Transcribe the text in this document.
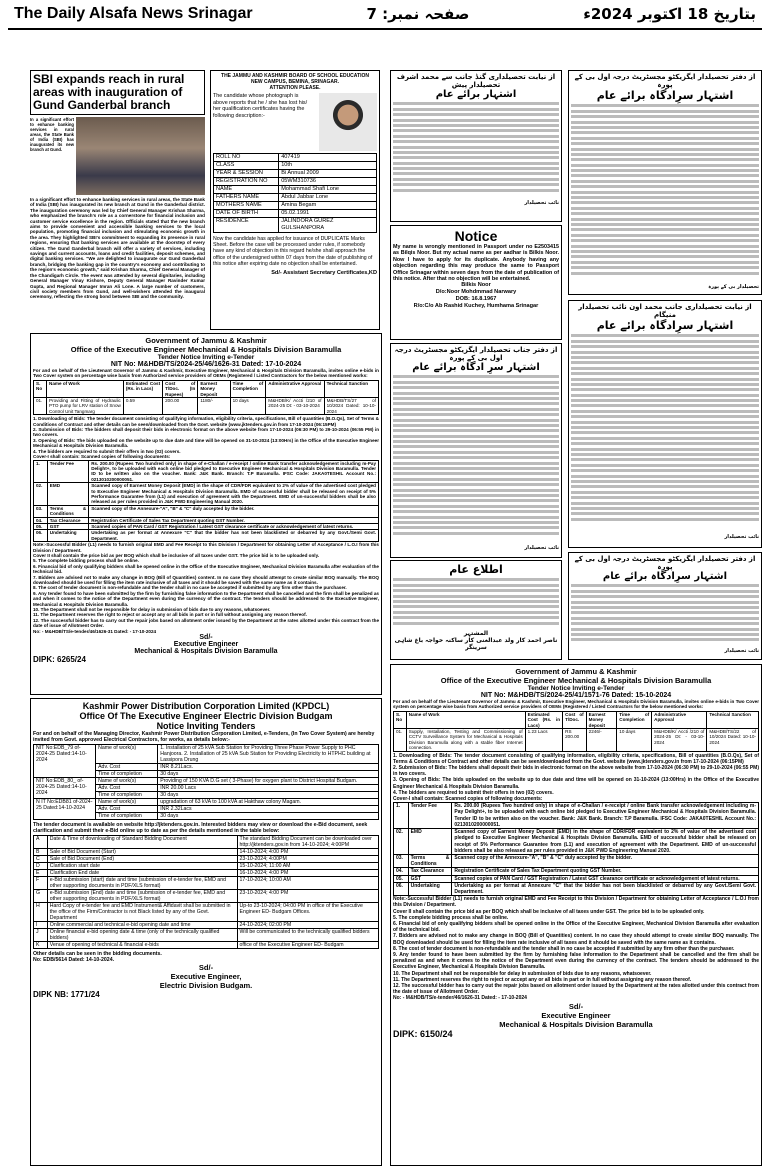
The Daily Alsafa News Srinagar	صفحہ نمبر: 7	بتاریخ 18 اکتوبر 2024ء
SBI expands reach in rural areas with inauguration of Gund Ganderbal branch
In a significant effort to enhance banking services in rural areas, the State Bank of India (SBI) has inaugurated its new branch at Gund.
In a significant effort to enhance banking services in rural areas, the State Bank of India (SBI) has inaugurated its new branch at Gund in the Ganderbal district. The inauguration ceremony was led by Chief General Manager Krishan Sharma, who emphasized the branch's role as a cornerstone for financial inclusion and customer service excellence in the region. Officials stated that the new branch aims to provide convenient and accessible banking services to the local population, promoting financial inclusion and stimulating economic growth in the area. They highlighted SBI's commitment to expanding its presence in rural regions, ensuring that banking services are available at the doorstep of every citizen. The Gund Ganderbal branch will offer a variety of services, including savings and current accounts, loans and credit facilities, deposit schemes, and digital banking services. "We are delighted to inaugurate our Gund Ganderbal branch, bridging the banking gap in the country's economy and contributing to the region's economic growth," said Krishan Sharma, Chief General Manager of the Chandigarh Circle. The event was attended by several dignitaries, including General Manager Vinay Kishore, Deputy General Manager Ravinder Kumar Gupta, and Regional Manager Imran Ali Lone. A large number of customers, civil society members from Gund, and well-wishers attended the inaugural ceremony, reflecting the strong bond between SBI and the community.
THE JAMMU AND KASHMIR BOARD OF SCHOOL EDUCATION
NEW CAMPUS, BEMINA, SRINAGAR.
ATTENTION PLEASE.
The candidate whose photograph is above reports that he / she has lost his/ her qualification certificates having the following description:-
ROLL NO	407419
CLASS	10th
YEAR & SESSION	Bi Annual 2009
REGISTRATION NO	05WM310736
NAME	Mohammad Shafi Lone
FATHERS NAME	Abdul Jabbar Lone
MOTHERS NAME	Amina Begam
DATE OF BIRTH	05.02.1991
RESIDENCE	JALINDORA GUREZ GULSHANPORA
Now the candidate has applied for issuance of DUPLICATE Marks Sheet. Before the case will be processed under rules, if somebody have any kind of objection in this regard he/she shall approach the office of the undersigned within 07 days from the date of publishing of this notice after expiring date no objection shall be entertained.
Sd/- Assistant Secretary Certificates,KD
Notice
My name is wrongly mentioned in Passport under no E2503415 as Bilqis Noor. But my actual name as per aadhar is Bilkis Noor. Now I have to apply for its duplicate. Anybody having any objection regarding this may produce the same to Passport Office Srinagar within seven days from the date of publication of this notice. After that no objection will be entertained.
Bilkis Noor
D/o:Noor Mohdmmad Narwary
DOB: 16.8.1967
R/o:C/o Ab Rashid Kuchey, Humhama Srinagar
از نیابت تحصیلداری گنڈ جانب سے محمد اشرف تحصیلدار پیش
اشتہار برائے عام
نائب تحصیلدار
از دفتر جناب تحصیلدار ایگزیکٹو مجسٹریٹ درجہ اول بی کے پورہ
اشتہار سرِ ادگاہ برائے عام
نائب تحصیلدار
اطلاع عام
المشتہر
ناصر احمد کار ولد عبدالغنی کار ساکنہ خواجہ باغ شاہی سرینگر
از دفتر تحصیلدار ایگزیکٹو مجسٹریٹ درجہ اول بی کے پورہ
اشتہار سرِادگاہ برائے عام
تحصیلدار بی کے پورہ
از نیابت تحصیلداری جانب محمد اون نائب تحصیلدار منیگام
اشتہار سرِادگاہ برائے عام
نائب تحصیلدار
از دفتر تحصیلدار ایگزیکٹو مجسٹریٹ درجہ اول بی کے پورہ
اشتہار سرِادگاہ برائے عام
نائب تحصیلدار
Government of Jammu & Kashmir
Office of the Executive Engineer Mechanical & Hospitals Division Baramulla
Tender Notice Inviting e-Tender
NIT No: M&HDB/TS/2024-25/46/1626-31 Dated: 17-10-2024
For and on behalf of the Lieutenant Governor of Jammu & Kashmir, Executive Engineer, Mechanical & Hospitals Division Baramulla, invites online e-bids in Two Cover system on percentage wise basis from Authorized service providers of OEMs (Registered / Listed Contractors for the below mentioned works:
S. No	Name of Work	Estimated Cost (Rs. in Lacs)	Cost of T/Doc. (In Rupees)	Earnest Money Deposit	Time of Completion	Administrative Approval	Technical Sanction
01.	Providing and Fitting of Hydraulic PTO pump for LRV station of Snow Control Unit Tangmarg	0.59	200.00	1180/-	10 days	M&HDB/K/ Accti /210 of 2024-25 Dt: - 03-10-2024	M&HDB/TS/27 of 10/2024 Dated: 10-10-2024
1. Downloading of Bids: The tender document consisting of qualifying information, eligibility criteria, specifications, Bill of quantities (B.O.Qs), Set of Terms & Conditions of Contract and other details can be seen/downloaded from the Govt. website (www.jktenders.gov.in from 17-10-2024 (06:15PM)
2. Submission of Bids: The bidders shall deposit their bids in electronic format on the above website from 17-10-2024 (06:30 PM) to 29-10-2024 (06:55 PM) in two covers.
3. Opening of Bids: The bids uploaded on the website up to due date and time will be opened on 31-10-2024 (13:00Hrs) in the Office of the Executive Engineer Mechanical & Hospitals Division Baramulla.
4. The bidders are required to submit their offers in two (02) covers.
Cover-I shall contain: Scanned copies of following documents:
1.	Tender Fee	Rs. 200.00 (Rupees Two hundred only) in shape of e-Challan / e-receipt / online Bank transfer acknowledgement including m-Pay Delight+, to be uploaded with each online bid pledged to Executive Engineer Mechanical & Hospitals Division Baramulla. Tender ID to be written also on the voucher. Bank: J&K Bank. Branch: T.P Baramulla. IFSC Code: JAKA0TESHIL Account No.: 0213010200000051.
02.	EMD	Scanned copy of Earnest Money Deposit (EMD) in the shape of CDR/FDR equivalent to 2% of value of the advertised cost pledged to Executive Engineer Mechanical & Hospitals Division Baramulla. EMD of successful bidder shall be released on receipt of 5% Performance Guarantee from (L1) and execution of agreement with the Department. EMD of un-successful bidders shall be also released as per rules provided in J&K PWD Engineering Manual 2020.
03.	Terms & Conditions	Scanned copy of the Annexure-"A", "B" & "C" duly accepted by the bidder.
04.	Tax Clearance	Registration Certificate of Sales Tax Department quoting GST Number.
05.	GST	Scanned copies of PAN Card / GST Registration / Latest GST clearance certificate or acknowledgement of latest returns.
06.	Undertaking	Undertaking as per format at Annexure "C" that the bidder has not been blacklisted or debarred by any Govt./Semi Govt. Department.
Note:-Successful Bidder (L1) needs to furnish original EMD and Fee Receipt to this Division / Department for obtaining Letter of Acceptance / L.O.I from this Division / Department.
Cover II shall contain the price bid as per BOQ which shall be inclusive of all taxes under GST. The price bid is to be uploaded only.
5. The complete bidding process shall be online.
6. Financial bid of only qualifying bidders shall be opened online in the Office of the Executive Engineer, Mechanical Division Baramulla after evaluation of the technical bid.
7. Bidders are advised not to make any change in BOQ (Bill of Quantities) content. In no case they should attempt to create similar BOQ manually. The BOQ downloaded should be used for filling the item rate inclusive of all taxes and it should be saved with the same name as it contains.
8. The cost of tender document is non-refundable and the tender shall in no case be accepted if submitted by any firm other than the purchaser.
9. Any tender found to have been submitted by the firm by furnishing false information to the Department shall be cancelled and the firm shall be penalized as and when it comes to the notice of the Department even during the currency of the contract. The tenders should be addressed to the Executive Engineer, Mechanical & Hospitals Division Baramulla.
10. The Department shall not be responsible for delay in submission of bids due to any reasons, whatsoever.
11. The Department reserves the right to reject or accept any or all bids in part or in full without assigning any reason thereof.
12. The successful bidder has to carry out the repair jobs based on allotment order issued by the Department at the rates allotted under this contract from the date of issue of Allotment Order.
No: - M&HDB/TS/e-tender/46/1626-31 Dated: - 17-10-2024
Sd/-
Executive Engineer
Mechanical & Hospitals Division Baramulla
DIPK: 6265/24
Kashmir Power Distribution Corporation Limited (KPDCL)
Office Of The Executive Engineer Electric Division Budgam
Notice Inviting Tenders
For and on behalf of the Managing Director, Kashmir Power Distribution Corporation Limited, e-Tenders, (In Two Cover System) are hereby invited from Govt. approved Electrical Contractors, for works, as details below:-
NIT No:EDB_79 of-2024-25 Dated:14-10-2024	Name of work(s)	1. Installation of 25 kVA Sub Station for Providing Three Phase Power Supply to PHC Hanjoora. 2. Installation of 25 kVA Sub Station for Providing Electricity to HTPHC building at Lassipora Drung
	Adv. Cost	INR 8.21Lacs.
	Time of completion	30 days
NIT No:EDB_80_ of-2024-25 Dated:14-10-2024	Name of work(s)	Providing of 150 KVA D.G set ( 3-Phase) for oxygen plant to District Hospital Budgam.
	Adv. Cost	INR 20.00 Lacs
	Time of completion	30 days
N IT No:EDB81 of-2024-25 Dated:14-10-2024	Name of work(s)	upgradation of 63 kVA to 100 kVA at Hakthaw colony Magam.
	Adv. Cost	INR 2.32Lacs
	Time of completion	30 days
The tender document is available on website http://jktenders.gov.in. Interested bidders may view or download the e-Bid document, seek clarification and submit their e-Bid online up to date as per the details mentioned in the table below:
A	Date & Time of downloading of Standard Bidding Document	The standard Bidding Document can be downloaded over http://jktenders.gov.in from 14-10-2024; 4:00PM
B	Sale of Bid Document (Start)	14-10-2024; 4:00 PM
C	Sale of Bid Document (End)	23-10-2024; 4:00PM
D	Clarification start date	15-10-2024; 11:00 AM
E	Clarification End date	16-10-2024; 4:00 PM
F	e-Bid submission (start) date and time (submission of e-tender fee, EMD and other supporting documents in PDF/XLS format)	17-10-2024; 10:00 AM
G	e-Bid submission (End) date and time (submission of e-tender fee, EMD and other supporting documents in PDF/XLS format)	23-10-2024; 4:00 PM
H	Hard Copy of e-tender fee and EMD Instrument& Affidavit shall be submitted in the office of the Firm/Contractor is not Black listed by any of the Govt. Department	Up-to 23-10-2024; 04:00 PM in office of the Executive Engineer ED- Budgam Offices.
I	Online commercial and technical e-bid opening date and time	24-10-2024; 02:00 PM
J	Online financial e-bid opening date & time (only of the technically qualified bidders)	Will be communicated to the technically qualified bidders
K	Venue of opening of technical & financial e-bids	office of the Executive Engineer ED- Budgam
Other details can be seen in the bidding documents.
No: EDB/5614 Dated: 14-10-2024.
Sd/-
Executive Engineer,
Electric Division Budgam.
DIPK NB: 1771/24
Government of Jammu & Kashmir
Office of the Executive Engineer Mechanical & Hospitals Division Baramulla
Tender Notice Inviting e-Tender
NIT No: M&HDB/TS/2024-25/41/1571-76 Dated: 15-10-2024
For and on behalf of the Lieutenant Governor of Jammu & Kashmir, Executive Engineer, Mechanical & Hospitals Division Baramulla, invites online e-bids in Two Cover system on percentage wise basis from Authorized service providers of OEMs (Registered / Listed Contractors for the below mentioned works:
S. No	Name of Work	Estimated Cost (Rs. in Lacs)	Cost of T/Doc.	Earnest Money deposit	Time of Completion	Administrative Approval	Technical Sanction
01.	Supply, Installation, Testing and Commissioning of CCTV Surveillance System for Mechanical & Hospitals Division Baramulla along with a stable fiber Internet connection.	1.23 Lacs	RS 200.00	2246/-	10 days	M&HDB/K/ Accti /210 of 2024-25 Dt: - 03-10-2024	M&HDB/TS/22 of 10/2024 Dated: 10-10-2024
1. Downloading of Bids: The tender document consisting of qualifying information, eligibility criteria, specifications, Bill of quantities (B.O.Qs), Set of Terms & Conditions of Contract and other details can be seen/downloaded from the Govt. website (www.jktenders.gov.in from 17-10-2024 (06:15PM)
2. Submission of Bids: The bidders shall deposit their bids in electronic format on the above website from 17-10-2024 (06:30 PM) to 29-10-2024 (06:55 PM) in two covers.
3. Opening of Bids: The bids uploaded on the website up to due date and time will be opened on 31-10-2024 (13:00Hrs) in the Office of the Executive Engineer Mechanical & Hospitals Division Baramulla.
4. The bidders are required to submit their offers in two (02) covers.
Cover-I shall contain: Scanned copies of following documents:
1.	Tender Fee	Rs. 200.00 (Rupees Two hundred only) in shape of e-Challan / e-receipt / online Bank transfer acknowledgement including m-Pay Delight+, to be uploaded with each online bid pledged to Executive Engineer Mechanical & Hospitals Division Baramulla. Tender ID to be written also on the voucher. Bank: J&K Bank. Branch: T.P Baramulla. IFSC Code: JAKA0TESHIL Account No.: 0213010200000051.
02.	EMD	Scanned copy of Earnest Money Deposit (EMD) in the shape of CDR/FDR equivalent to 2% of value of the advertised cost pledged to Executive Engineer Mechanical & Hospitals Division Baramulla. EMD of successful bidder shall be released on receipt of 5% Performance Guarantee from (L1) and execution of agreement with the Department. EMD of un-successful bidders shall be also released as per rules provided in J&K PWD Engineering Manual 2020.
03.	Terms & Conditions	Scanned copy of the Annexure-"A", "B" & "C" duly accepted by the bidder.
04.	Tax Clearance	Registration Certificate of Sales Tax Department quoting GST Number.
05.	GST	Scanned copies of PAN Card / GST Registration / Latest GST clearance certificate or acknowledgement of latest returns.
06.	Undertaking	Undertaking as per format at Annexure "C" that the bidder has not been blacklisted or debarred by any Govt./Semi Govt. Department.
Note:-Successful Bidder (L1) needs to furnish original EMD and Fee Receipt to this Division / Department for obtaining Letter of Acceptance / L.O.I from this Division / Department.
Cover II shall contain the price bid as per BOQ which shall be inclusive of all taxes under GST. The price bid is to be uploaded only.
5. The complete bidding process shall be online.
6. Financial bid of only qualifying bidders shall be opened online in the Office of the Executive Engineer, Mechanical Division Baramulla after evaluation of the technical bid.
7. Bidders are advised not to make any change in BOQ (Bill of Quantities) content. In no case they should attempt to create similar BOQ manually. The BOQ downloaded should be used for filling the item rate inclusive of all taxes and it should be saved with the same name as it contains.
8. The cost of tender document is non-refundable and the tender shall in no case be accepted if submitted by any firm other than the purchaser.
9. Any tender found to have been submitted by the firm by furnishing false information to the Department shall be cancelled and the firm shall be penalized as and when it comes to the notice of the Department even during the currency of the contract. The tenders should be addressed to the Executive Engineer, Mechanical & Hospitals Division Baramulla.
10. The Department shall not be responsible for delay in submission of bids due to any reasons, whatsoever.
11. The Department reserves the right to reject or accept any or all bids in part or in full without assigning any reason thereof.
12. The successful bidder has to carry out the repair jobs based on allotment order issued by the Department at the rates allotted under this contract from the date of issue of Allotment Order.
No: - M&HDB/TS/e-tender/46/1626-31 Dated: - 17-10-2024
Sd/-
Executive Engineer
Mechanical & Hospitals Division Baramulla
DIPK: 6150/24
